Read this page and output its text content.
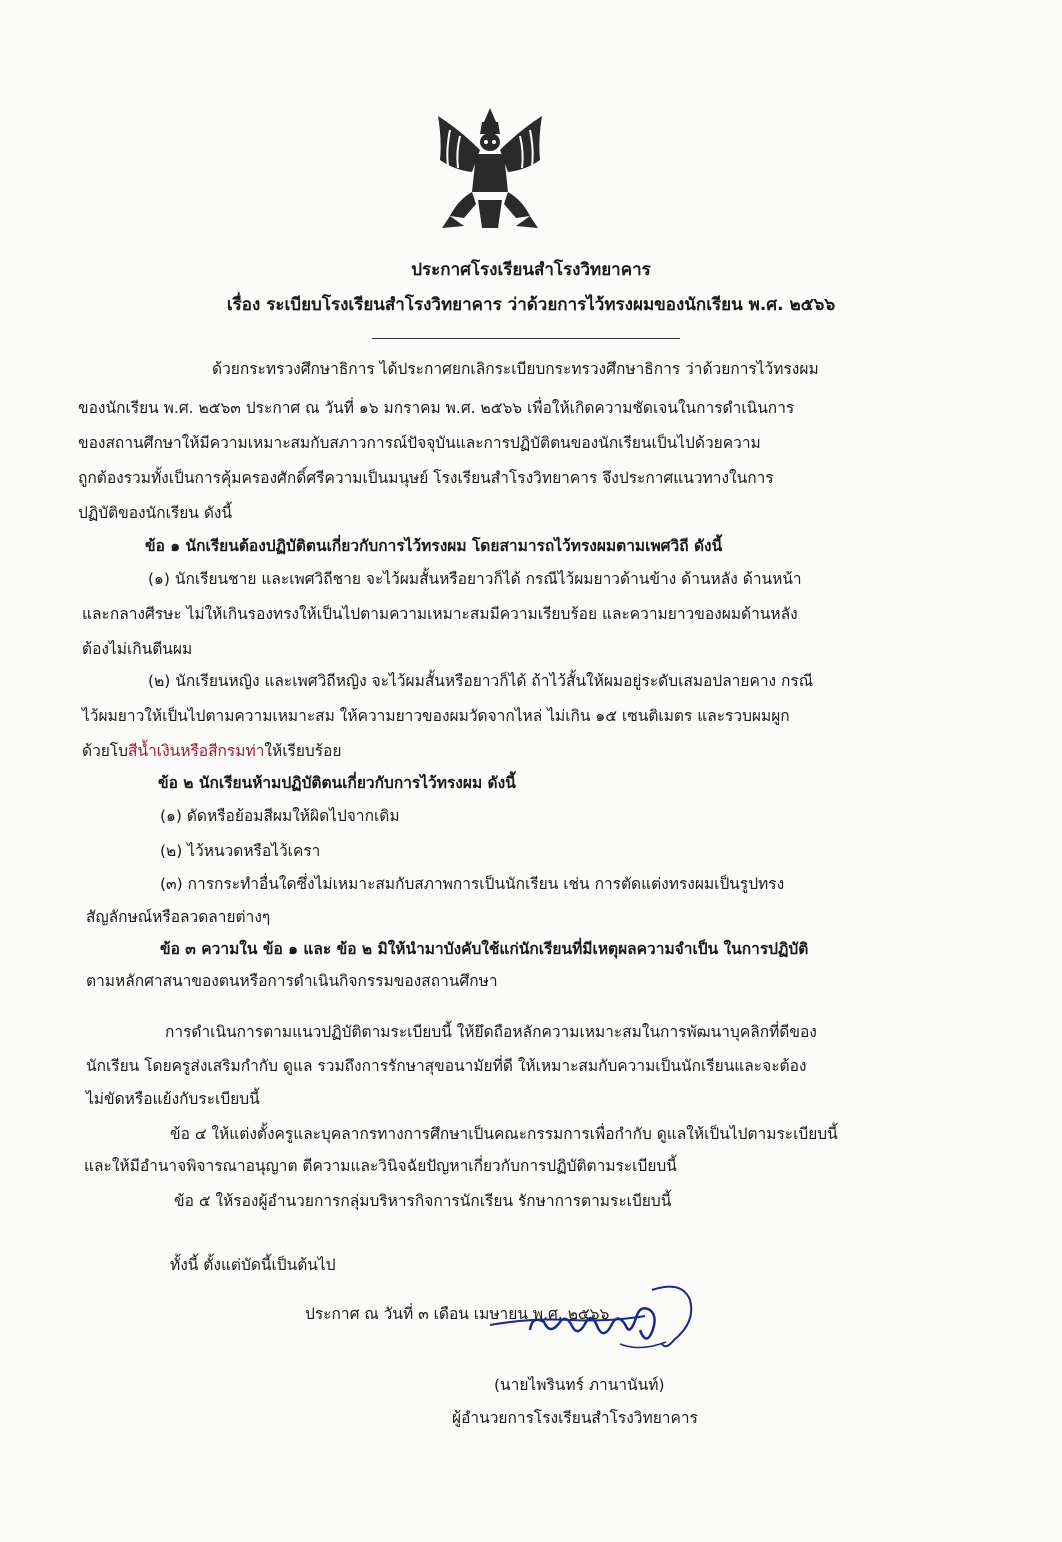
ประกาศโรงเรียนสำโรงวิทยาคาร
เรื่อง ระเบียบโรงเรียนสำโรงวิทยาคาร ว่าด้วยการไว้ทรงผมของนักเรียน พ.ศ. ๒๕๖๖
ด้วยกระทรวงศึกษาธิการ ได้ประกาศยกเลิกระเบียบกระทรวงศึกษาธิการ ว่าด้วยการไว้ทรงผม
ของนักเรียน พ.ศ. ๒๕๖๓ ประกาศ ณ วันที่ ๑๖ มกราคม พ.ศ. ๒๕๖๖ เพื่อให้เกิดความชัดเจนในการดำเนินการ
ของสถานศึกษาให้มีความเหมาะสมกับสภาวการณ์ปัจจุบันและการปฏิบัติตนของนักเรียนเป็นไปด้วยความ
ถูกต้องรวมทั้งเป็นการคุ้มครองศักดิ์ศรีความเป็นมนุษย์ โรงเรียนสำโรงวิทยาคาร จึงประกาศแนวทางในการ
ปฏิบัติของนักเรียน ดังนี้
ข้อ ๑ นักเรียนต้องปฏิบัติตนเกี่ยวกับการไว้ทรงผม โดยสามารถไว้ทรงผมตามเพศวิถี ดังนี้
(๑) นักเรียนชาย และเพศวิถีชาย จะไว้ผมสั้นหรือยาวก็ได้ กรณีไว้ผมยาวด้านข้าง ด้านหลัง ด้านหน้า
และกลางศีรษะ ไม่ให้เกินรองทรงให้เป็นไปตามความเหมาะสมมีความเรียบร้อย และความยาวของผมด้านหลัง
ต้องไม่เกินตีนผม
(๒) นักเรียนหญิง และเพศวิถีหญิง จะไว้ผมสั้นหรือยาวก็ได้ ถ้าไว้สั้นให้ผมอยู่ระดับเสมอปลายคาง กรณี
ไว้ผมยาวให้เป็นไปตามความเหมาะสม ให้ความยาวของผมวัดจากไหล่ ไม่เกิน ๑๕ เซนติเมตร และรวบผมผูก
ด้วยโบสีน้ำเงินหรือสีกรมท่าให้เรียบร้อย
ข้อ ๒ นักเรียนห้ามปฏิบัติตนเกี่ยวกับการไว้ทรงผม ดังนี้
(๑) ดัดหรือย้อมสีผมให้ผิดไปจากเดิม
(๒) ไว้หนวดหรือไว้เครา
(๓) การกระทำอื่นใดซึ่งไม่เหมาะสมกับสภาพการเป็นนักเรียน เช่น การตัดแต่งทรงผมเป็นรูปทรง
สัญลักษณ์หรือลวดลายต่างๆ
ข้อ ๓ ความใน ข้อ ๑ และ ข้อ ๒ มิให้นำมาบังคับใช้แก่นักเรียนที่มีเหตุผลความจำเป็น ในการปฏิบัติ
ตามหลักศาสนาของตนหรือการดำเนินกิจกรรมของสถานศึกษา
การดำเนินการตามแนวปฏิบัติตามระเบียบนี้ ให้ยึดถือหลักความเหมาะสมในการพัฒนาบุคลิกที่ดีของ
นักเรียน โดยครูส่งเสริมกำกับ ดูแล รวมถึงการรักษาสุขอนามัยที่ดี ให้เหมาะสมกับความเป็นนักเรียนและจะต้อง
ไม่ขัดหรือแย้งกับระเบียบนี้
ข้อ ๔ ให้แต่งตั้งครูและบุคลากรทางการศึกษาเป็นคณะกรรมการเพื่อกำกับ ดูแลให้เป็นไปตามระเบียบนี้
และให้มีอำนาจพิจารณาอนุญาต ตีความและวินิจฉัยปัญหาเกี่ยวกับการปฏิบัติตามระเบียบนี้
ข้อ ๕ ให้รองผู้อำนวยการกลุ่มบริหารกิจการนักเรียน รักษาการตามระเบียบนี้
ทั้งนี้ ตั้งแต่บัดนี้เป็นต้นไป
ประกาศ ณ วันที่ ๓ เดือน เมษายน พ.ศ. ๒๕๖๖
(นายไพรินทร์ ภานานันท์)
ผู้อำนวยการโรงเรียนสำโรงวิทยาคาร
